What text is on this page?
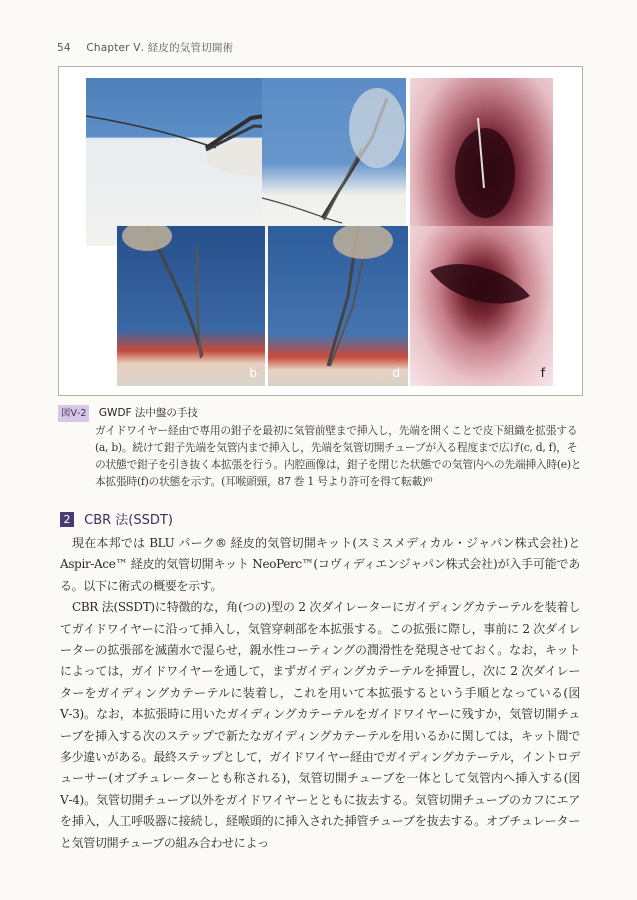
54 Chapter Ⅴ. 経皮的気管切開術
b	d	f
図Ⅴ-2 GWDF 法中盤の手技
ガイドワイヤー経由で専用の鉗子を最初に気管前壁まで挿入し，先端を開くことで皮下組織を拡張する(a, b)。続けて鉗子先端を気管内まで挿入し，先端を気管切開チューブが入る程度まで広げ(c, d, f)，その状態で鉗子を引き抜く本拡張を行う。内腔画像は，鉗子を閉じた状態での気管内への先端挿入時(e)と本拡張時(f)の状態を示す。(耳喉頭頸，87 巻 1 号より許可を得て転載)⁶⁾
2 CBR 法(SSDT)

現在本邦では BLU パーク® 経皮的気管切開キット(スミスメディカル・ジャパン株式会社)と Aspir-Ace™ 経皮的気管切開キット NeoPerc™(コヴィディエンジャパン株式会社)が入手可能である。以下に術式の概要を示す。

CBR 法(SSDT)に特徴的な，角(つの)型の 2 次ダイレーターにガイディングカテーテルを装着してガイドワイヤーに沿って挿入し，気管穿刺部を本拡張する。この拡張に際し，事前に 2 次ダイレーターの拡張部を滅菌水で湿らせ，親水性コーティングの潤滑性を発現させておく。なお，キットによっては，ガイドワイヤーを通して，まずガイディングカテーテルを挿置し，次に 2 次ダイレーターをガイディングカテーテルに装着し，これを用いて本拡張するという手順となっている(図Ⅴ-3)。なお，本拡張時に用いたガイディングカテーテルをガイドワイヤーに残すか，気管切開チューブを挿入する次のステップで新たなガイディングカテーテルを用いるかに関しては，キット間で多少違いがある。最終ステップとして，ガイドワイヤー経由でガイディングカテーテル，イントロデューサー(オブチュレーターとも称される)，気管切開チューブを一体として気管内へ挿入する(図Ⅴ-4)。気管切開チューブ以外をガイドワイヤーとともに抜去する。気管切開チューブのカフにエアを挿入，人工呼吸器に接続し，経喉頭的に挿入された挿管チューブを抜去する。オブチュレーターと気管切開チューブの組み合わせによっ
